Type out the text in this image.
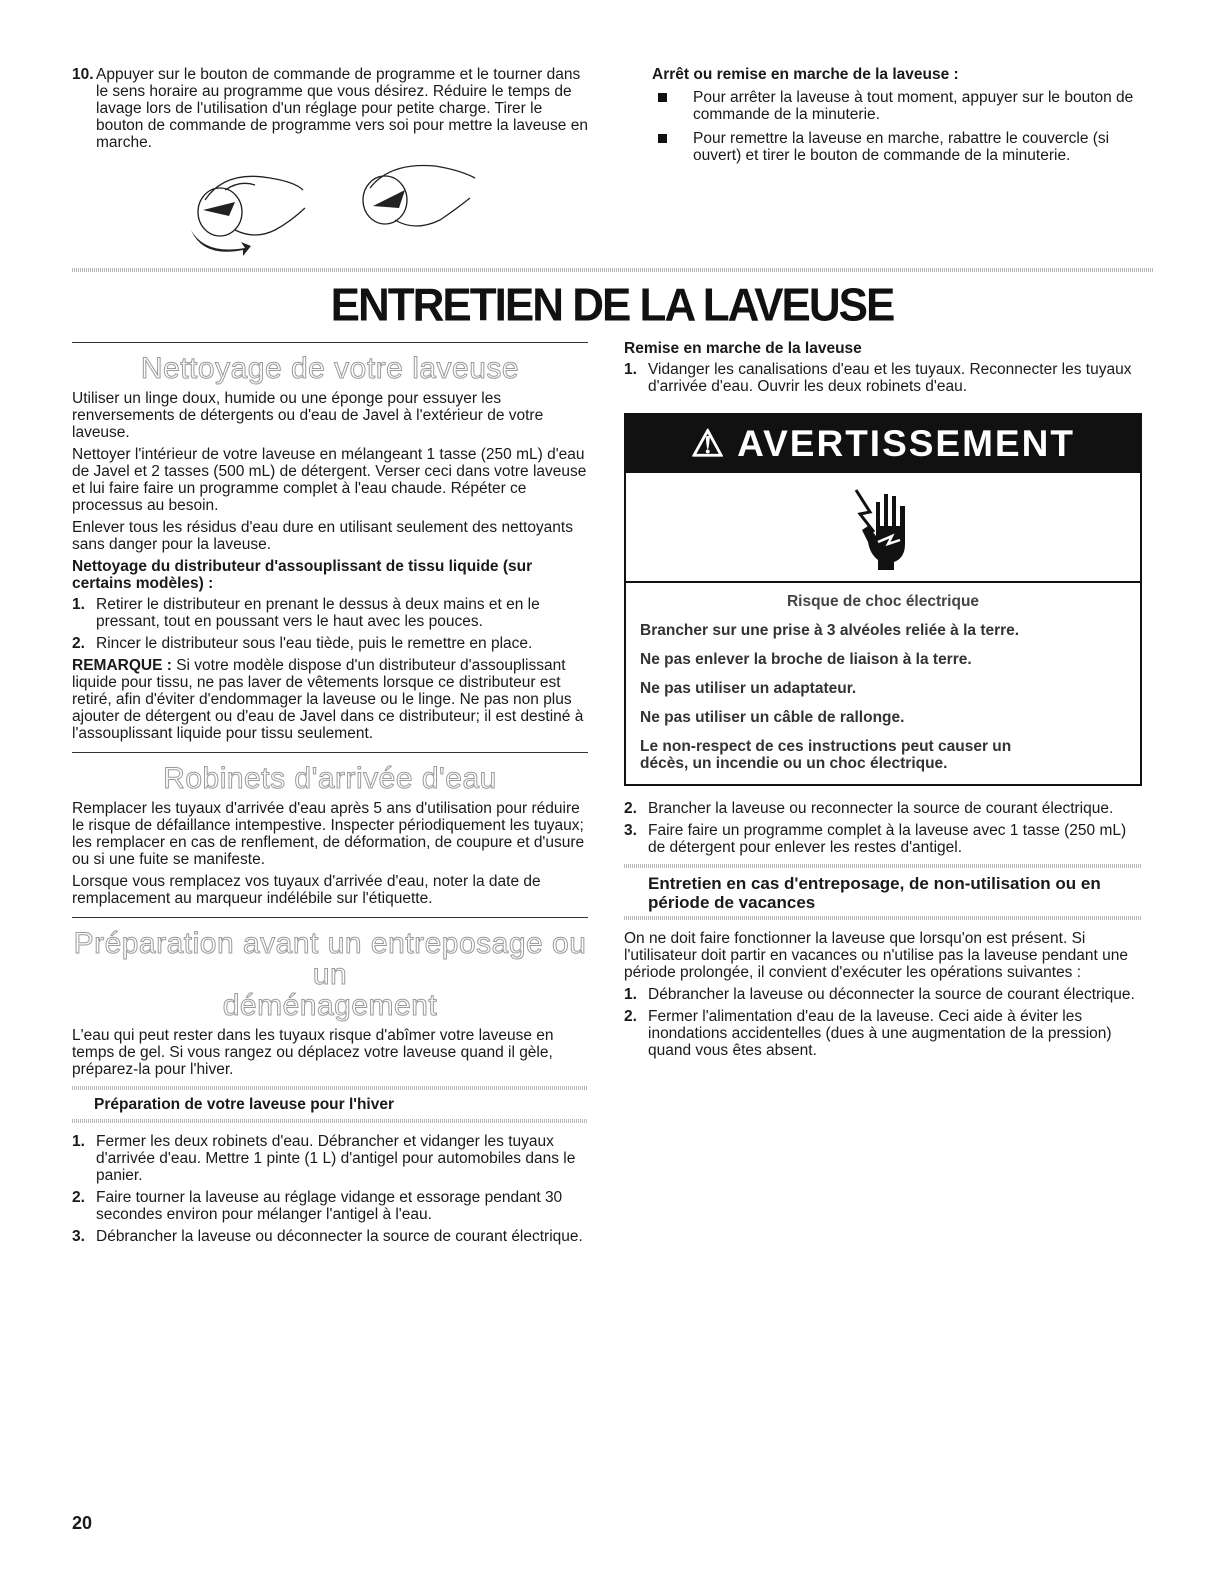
10. Appuyer sur le bouton de commande de programme et le tourner dans le sens horaire au programme que vous désirez. Réduire le temps de lavage lors de l'utilisation d'un réglage pour petite charge. Tirer le bouton de commande de programme vers soi pour mettre la laveuse en marche.
Arrêt ou remise en marche de la laveuse :
Pour arrêter la laveuse à tout moment, appuyer sur le bouton de commande de la minuterie.
Pour remettre la laveuse en marche, rabattre le couvercle (si ouvert) et tirer le bouton de commande de la minuterie.
ENTRETIEN DE LA LAVEUSE
Nettoyage de votre laveuse

Utiliser un linge doux, humide ou une éponge pour essuyer les renversements de détergents ou d'eau de Javel à l'extérieur de votre laveuse.

Nettoyer l'intérieur de votre laveuse en mélangeant 1 tasse (250 mL) d'eau de Javel et 2 tasses (500 mL) de détergent. Verser ceci dans votre laveuse et lui faire faire un programme complet à l'eau chaude. Répéter ce processus au besoin.

Enlever tous les résidus d'eau dure en utilisant seulement des nettoyants sans danger pour la laveuse.

Nettoyage du distributeur d'assouplissant de tissu liquide (sur certains modèles) :
1. Retirer le distributeur en prenant le dessus à deux mains et en le pressant, tout en poussant vers le haut avec les pouces.
2. Rincer le distributeur sous l'eau tiède, puis le remettre en place.

REMARQUE : Si votre modèle dispose d'un distributeur d'assouplissant liquide pour tissu, ne pas laver de vêtements lorsque ce distributeur est retiré, afin d'éviter d'endommager la laveuse ou le linge. Ne pas non plus ajouter de détergent ou d'eau de Javel dans ce distributeur; il est destiné à l'assouplissant liquide pour tissu seulement.

Robinets d'arrivée d'eau

Remplacer les tuyaux d'arrivée d'eau après 5 ans d'utilisation pour réduire le risque de défaillance intempestive. Inspecter périodiquement les tuyaux; les remplacer en cas de renflement, de déformation, de coupure et d'usure ou si une fuite se manifeste.

Lorsque vous remplacez vos tuyaux d'arrivée d'eau, noter la date de remplacement au marqueur indélébile sur l'étiquette.

Préparation avant un entreposage ou un
déménagement

L'eau qui peut rester dans les tuyaux risque d'abîmer votre laveuse en temps de gel. Si vous rangez ou déplacez votre laveuse quand il gèle, préparez-la pour l'hiver.

Préparation de votre laveuse pour l'hiver
1. Fermer les deux robinets d'eau. Débrancher et vidanger les tuyaux d'arrivée d'eau. Mettre 1 pinte (1 L) d'antigel pour automobiles dans le panier.
2. Faire tourner la laveuse au réglage vidange et essorage pendant 30 secondes environ pour mélanger l'antigel à l'eau.
3. Débrancher la laveuse ou déconnecter la source de courant électrique.
Remise en marche de la laveuse
1. Vidanger les canalisations d'eau et les tuyaux. Reconnecter les tuyaux d'arrivée d'eau. Ouvrir les deux robinets d'eau.
⚠ AVERTISSEMENT
Risque de choc électrique
Brancher sur une prise à 3 alvéoles reliée à la terre.
Ne pas enlever la broche de liaison à la terre.
Ne pas utiliser un adaptateur.
Ne pas utiliser un câble de rallonge.
Le non-respect de ces instructions peut causer un décès, un incendie ou un choc électrique.
2. Brancher la laveuse ou reconnecter la source de courant électrique.
3. Faire faire un programme complet à la laveuse avec 1 tasse (250 mL) de détergent pour enlever les restes d'antigel.
Entretien en cas d'entreposage, de non-utilisation ou en période de vacances

On ne doit faire fonctionner la laveuse que lorsqu'on est présent. Si l'utilisateur doit partir en vacances ou n'utilise pas la laveuse pendant une période prolongée, il convient d'exécuter les opérations suivantes :

1. Débrancher la laveuse ou déconnecter la source de courant électrique.
2. Fermer l'alimentation d'eau de la laveuse. Ceci aide à éviter les inondations accidentelles (dues à une augmentation de la pression) quand vous êtes absent.
20
